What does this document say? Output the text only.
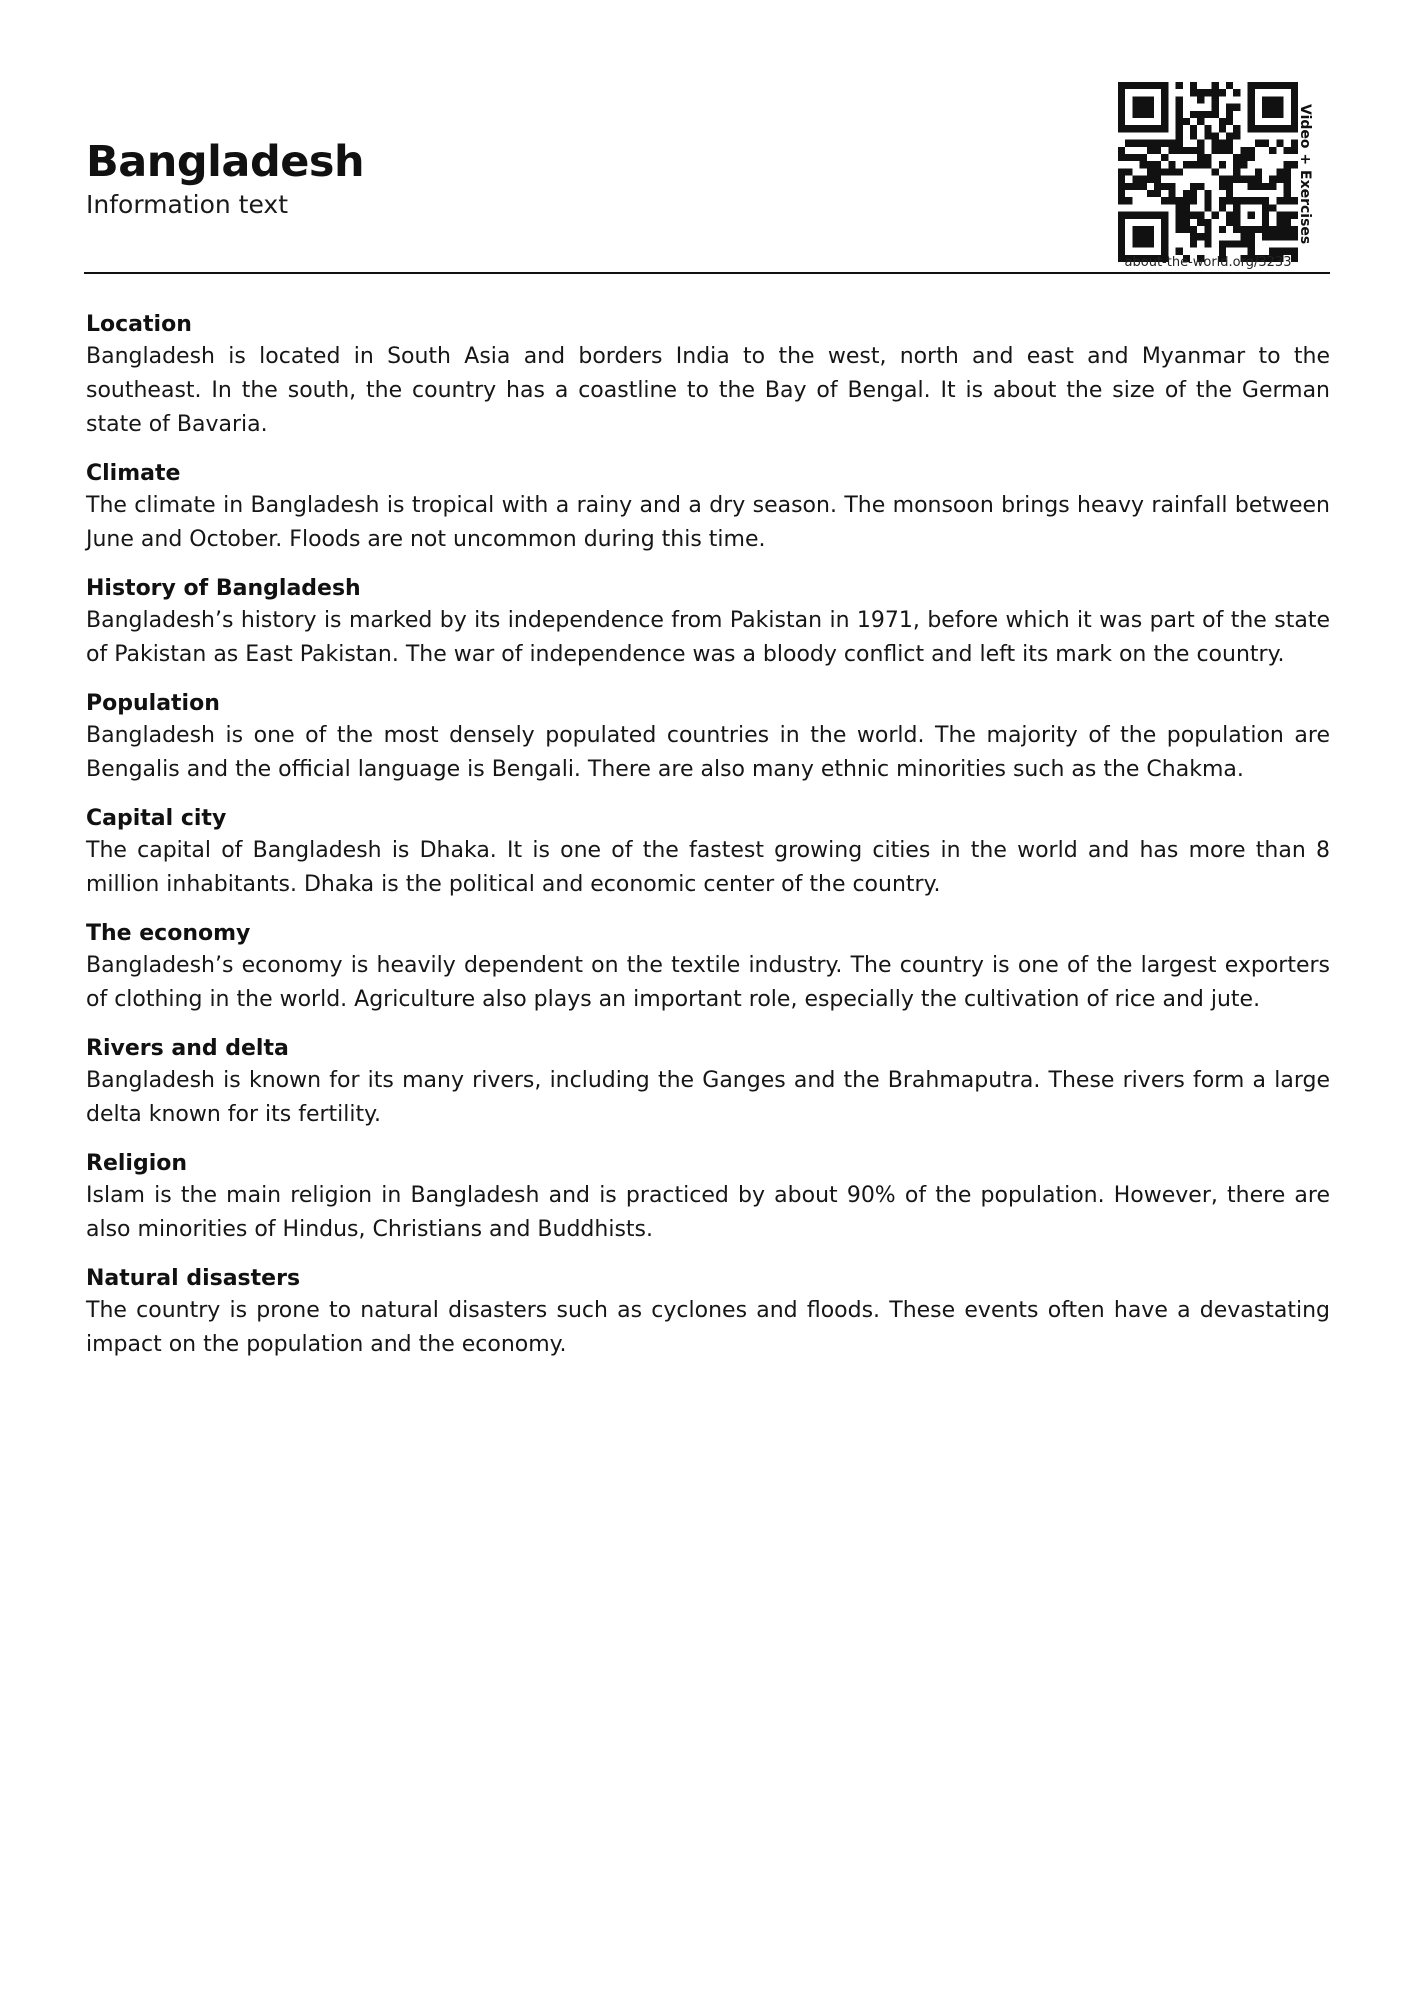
Bangladesh
Information text	Video + Exercises
about-the-world.org/3233

Location

Bangladesh is located in South Asia and borders India to the west, north and east and Myanmar to the southeast. In the south, the country has a coastline to the Bay of Bengal. It is about the size of the German state of Bavaria.

Climate

The climate in Bangladesh is tropical with a rainy and a dry season. The monsoon brings heavy rainfall between June and October. Floods are not uncommon during this time.

History of Bangladesh

Bangladesh’s history is marked by its independence from Pakistan in 1971, before which it was part of the state of Pakistan as East Pakistan. The war of independence was a bloody conflict and left its mark on the country.

Population

Bangladesh is one of the most densely populated countries in the world. The majority of the population are Bengalis and the official language is Bengali. There are also many ethnic minorities such as the Chakma.

Capital city

The capital of Bangladesh is Dhaka. It is one of the fastest growing cities in the world and has more than 8 million inhabitants. Dhaka is the political and economic center of the country.

The economy

Bangladesh’s economy is heavily dependent on the textile industry. The country is one of the largest exporters of clothing in the world. Agriculture also plays an important role, especially the cultivation of rice and jute.

Rivers and delta

Bangladesh is known for its many rivers, including the Ganges and the Brahmaputra. These rivers form a large delta known for its fertility.

Religion

Islam is the main religion in Bangladesh and is practiced by about 90% of the population. However, there are also minorities of Hindus, Christians and Buddhists.

Natural disasters

The country is prone to natural disasters such as cyclones and floods. These events often have a devastating impact on the population and the economy.
